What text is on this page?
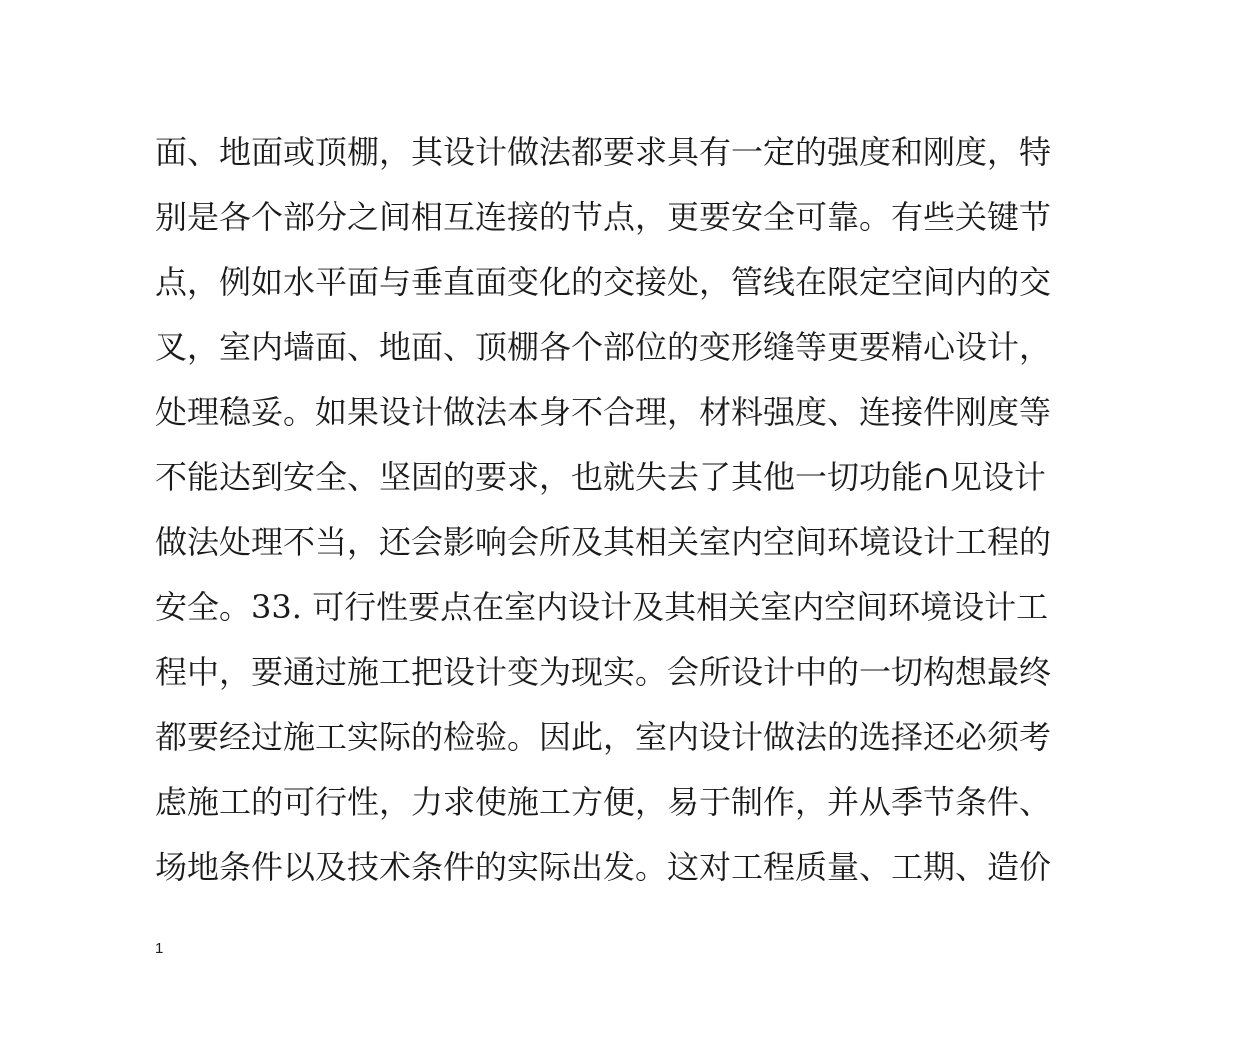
面、地面或顶棚，其设计做法都要求具有一定的强度和刚度，特
别是各个部分之间相互连接的节点，更要安全可靠。有些关键节
点，例如水平面与垂直面变化的交接处，管线在限定空间内的交
叉，室内墙面、地面、顶棚各个部位的变形缝等更要精心设计，
处理稳妥。如果设计做法本身不合理，材料强度、连接件刚度等
不能达到安全、坚固的要求，也就失去了其他一切功能∩见设计
做法处理不当，还会影响会所及其相关室内空间环境设计工程的
安全。33. 可行性要点在室内设计及其相关室内空间环境设计工
程中，要通过施工把设计变为现实。会所设计中的一切构想最终
都要经过施工实际的检验。因此，室内设计做法的选择还必须考
虑施工的可行性，力求使施工方便，易于制作，并从季节条件、
场地条件以及技术条件的实际出发。这对工程质量、工期、造价
1
